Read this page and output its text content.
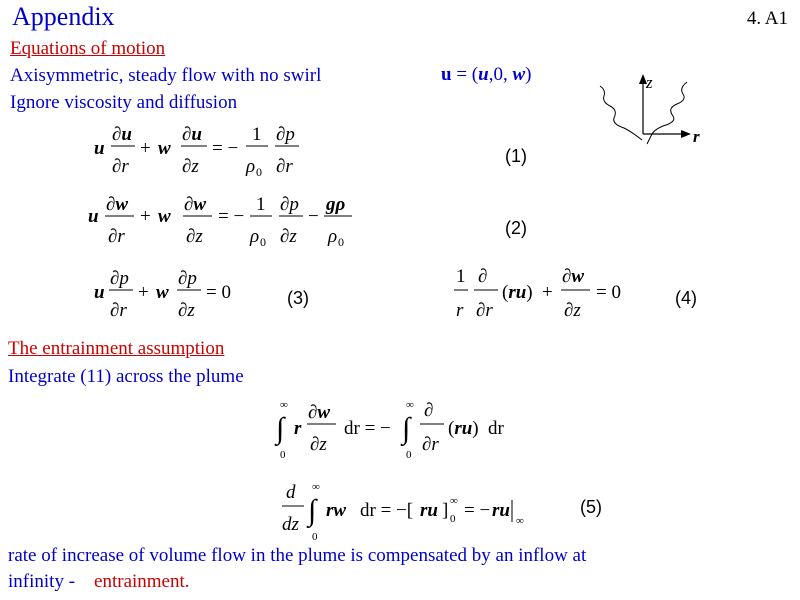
Appendix	4. A1
Equations of motion
Axisymmetric, steady flow with no swirl
Ignore viscosity and diffusion
u = (u,0, w)	z
r
u
∂u
∂r
+ w
∂u
∂z
= −
1
ρ 0
∂p
∂r	(1)
u
∂w
∂r
+ w
∂w
∂z
= −
1
ρ 0
∂p
∂z
−
gρ
ρ 0
(2)
u
∂p
∂r
+ w
∂p
∂z
= 0	(3)
1
r
∂
∂r
(ru) +
∂w
∂z
= 0	(4)
The entrainment assumption
Integrate (11) across the plume
∞
∫
0
r
∂w
∂z
dr = −
∞
∫
0
∂
∂r
(ru) dr
d
dz
∞
∫
0
rw dr = −[ ru ] ∞
0 = − ru ∞
(5)
rate of increase of volume flow in the plume is compensated by an inflow at
infinity -    entrainment.
